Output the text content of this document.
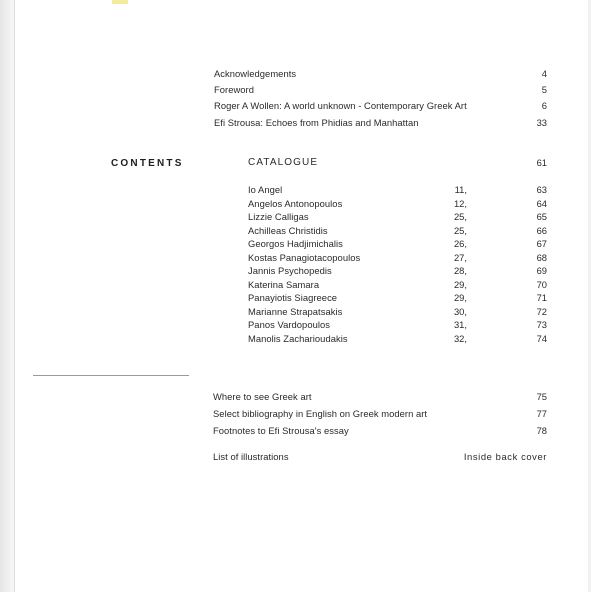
Acknowledgements	4
Foreword	5
Roger A Wollen: A world unknown - Contemporary Greek Art	6
Efi Strousa: Echoes from Phidias and Manhattan	33
CONTENTS	CATALOGUE	61
Io Angel	11,	63
Angelos Antonopoulos	12,	64
Lizzie Calligas	25,	65
Achilleas Christidis	25,	66
Georgos Hadjimichalis	26,	67
Kostas Panagiotacopoulos	27,	68
Jannis Psychopedis	28,	69
Katerina Samara	29,	70
Panayiotis Siagreece	29,	71
Marianne Strapatsakis	30,	72
Panos Vardopoulos	31,	73
Manolis Zacharioudakis	32,	74
Where to see Greek art	75
Select bibliography in English on Greek modern art	77
Footnotes to Efi Strousa's essay	78
List of illustrations	Inside back cover
